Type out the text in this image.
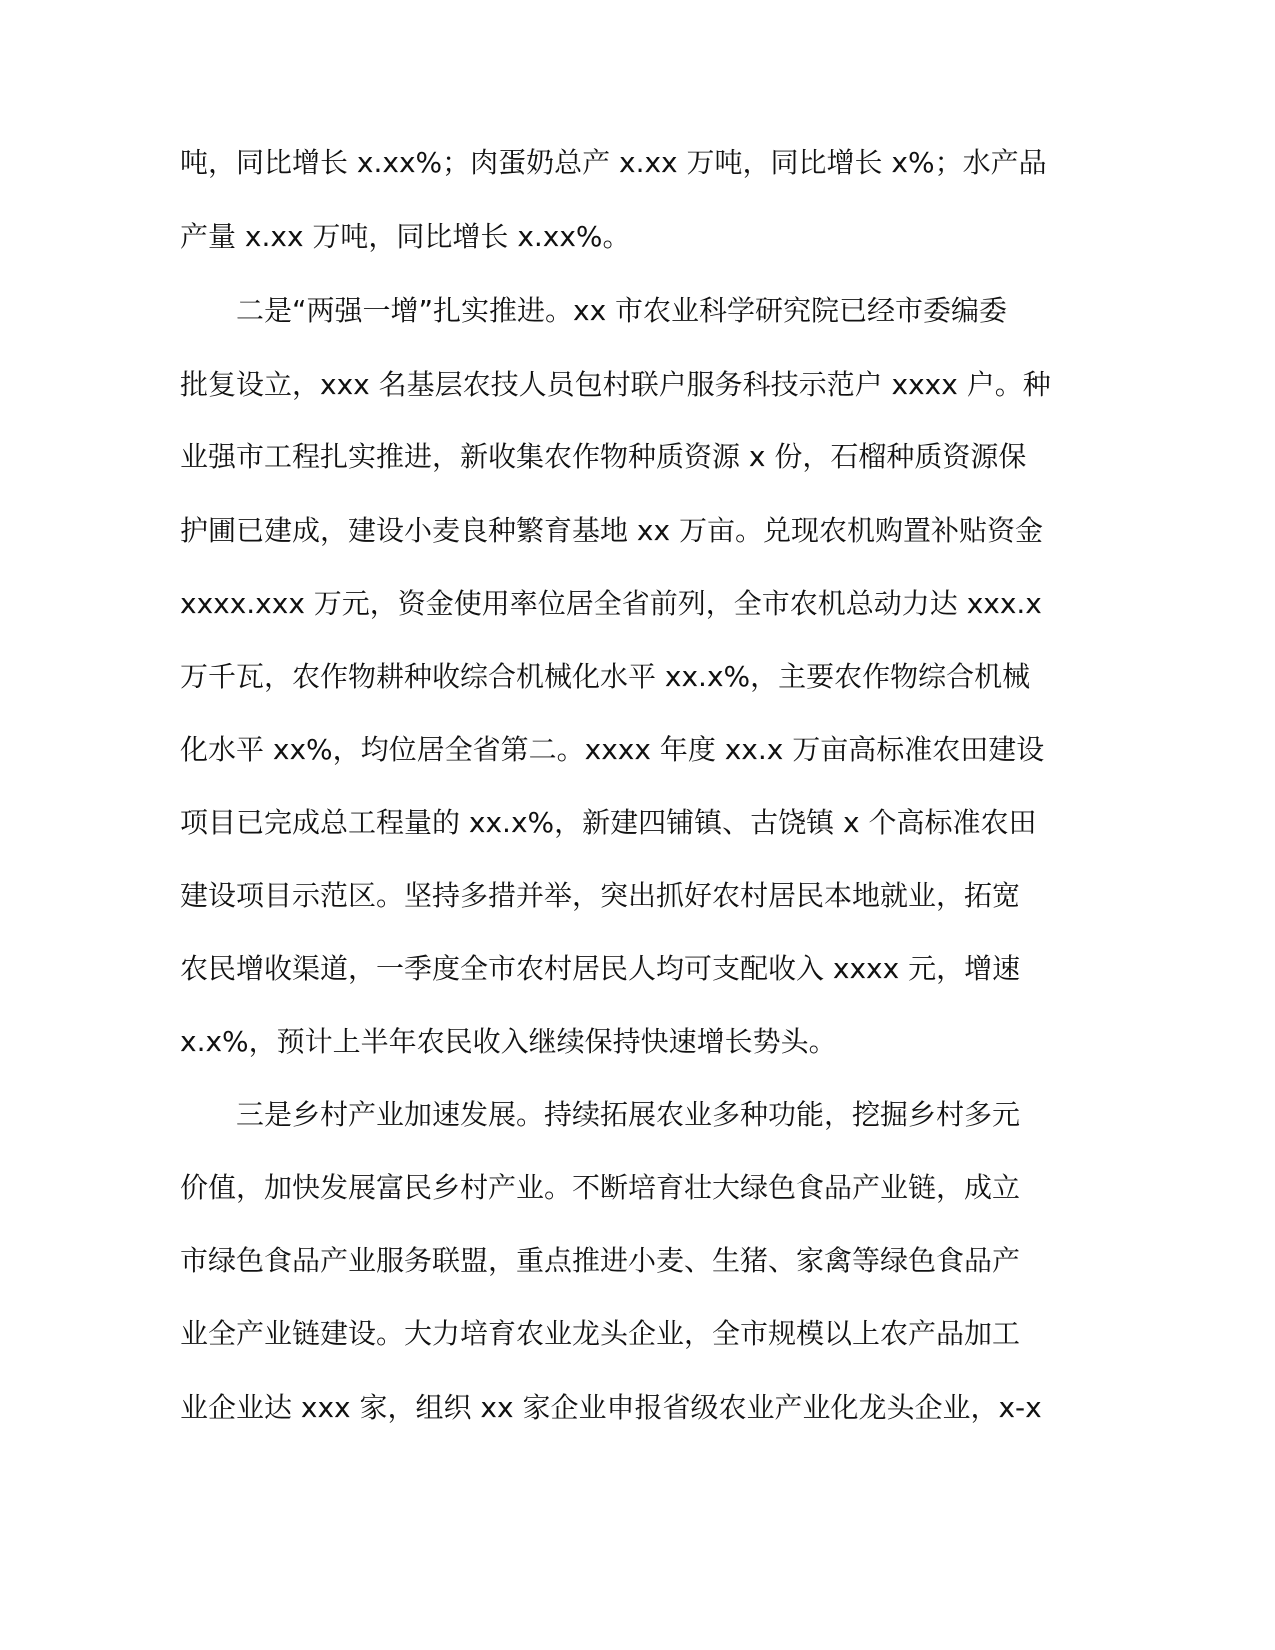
吨，同比增长 x.xx%；肉蛋奶总产 x.xx 万吨，同比增长 x%；水产品
产量 x.xx 万吨，同比增长 x.xx%。
二是“两强一增”扎实推进。xx 市农业科学研究院已经市委编委
批复设立，xxx 名基层农技人员包村联户服务科技示范户 xxxx 户。种
业强市工程扎实推进，新收集农作物种质资源 x 份，石榴种质资源保
护圃已建成，建设小麦良种繁育基地 xx 万亩。兑现农机购置补贴资金
xxxx.xxx 万元，资金使用率位居全省前列，全市农机总动力达 xxx.x
万千瓦，农作物耕种收综合机械化水平 xx.x%，主要农作物综合机械
化水平 xx%，均位居全省第二。xxxx 年度 xx.x 万亩高标准农田建设
项目已完成总工程量的 xx.x%，新建四铺镇、古饶镇 x 个高标准农田
建设项目示范区。坚持多措并举，突出抓好农村居民本地就业，拓宽
农民增收渠道，一季度全市农村居民人均可支配收入 xxxx 元，增速
x.x%，预计上半年农民收入继续保持快速增长势头。
三是乡村产业加速发展。持续拓展农业多种功能，挖掘乡村多元
价值，加快发展富民乡村产业。不断培育壮大绿色食品产业链，成立
市绿色食品产业服务联盟，重点推进小麦、生猪、家禽等绿色食品产
业全产业链建设。大力培育农业龙头企业，全市规模以上农产品加工
业企业达 xxx 家，组织 xx 家企业申报省级农业产业化龙头企业，x-x
